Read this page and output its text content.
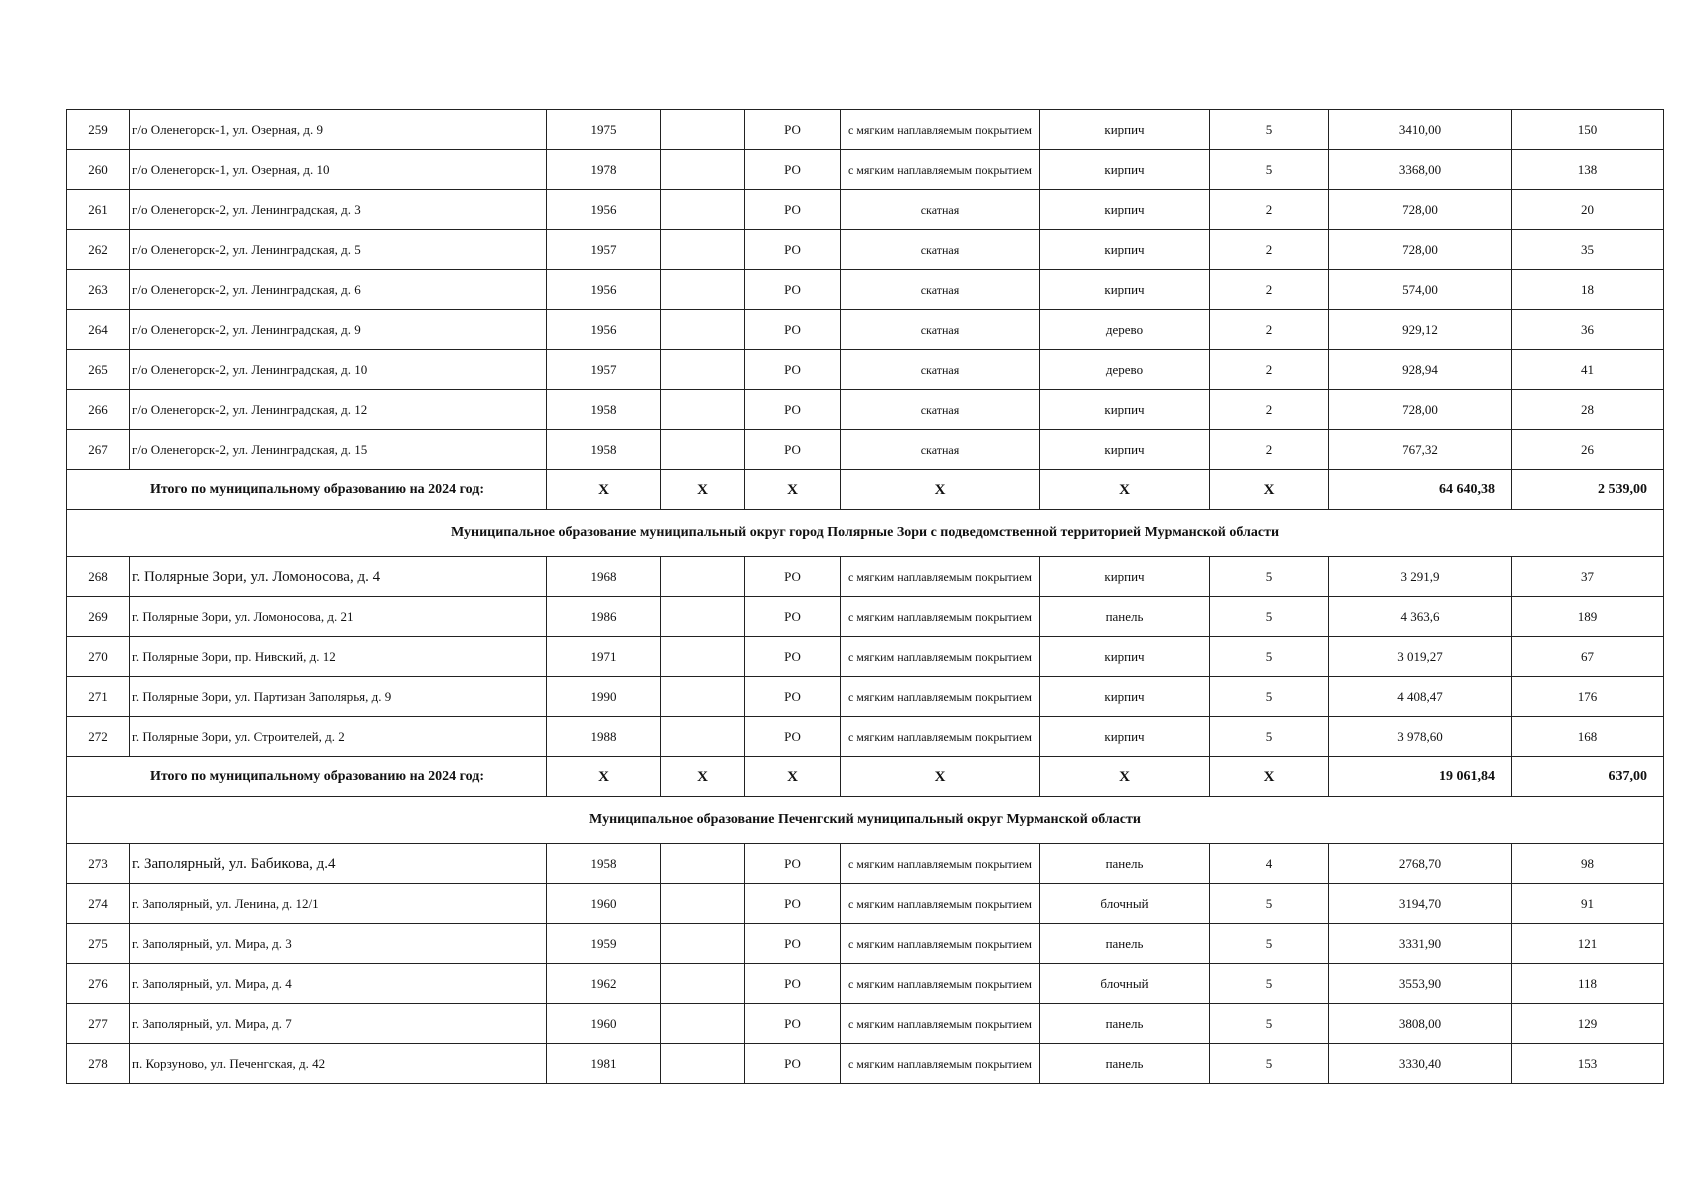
259	г/о Оленегорск-1, ул. Озерная, д. 9	1975		РО	с мягким наплавляемым покрытием	кирпич	5	3410,00	150
260	г/о Оленегорск-1, ул. Озерная, д. 10	1978		РО	с мягким наплавляемым покрытием	кирпич	5	3368,00	138
261	г/о Оленегорск-2, ул. Ленинградская, д. 3	1956		РО	скатная	кирпич	2	728,00	20
262	г/о Оленегорск-2, ул. Ленинградская, д. 5	1957		РО	скатная	кирпич	2	728,00	35
263	г/о Оленегорск-2, ул. Ленинградская, д. 6	1956		РО	скатная	кирпич	2	574,00	18
264	г/о Оленегорск-2, ул. Ленинградская, д. 9	1956		РО	скатная	дерево	2	929,12	36
265	г/о Оленегорск-2, ул. Ленинградская, д. 10	1957		РО	скатная	дерево	2	928,94	41
266	г/о Оленегорск-2, ул. Ленинградская, д. 12	1958		РО	скатная	кирпич	2	728,00	28
267	г/о Оленегорск-2, ул. Ленинградская, д. 15	1958		РО	скатная	кирпич	2	767,32	26
Итого по муниципальному образованию на 2024 год:		X	X	X	X	X	X	64 640,38	2 539,00
Муниципальное образование муниципальный округ город Полярные Зори с подведомственной территорией Мурманской области									
268	г. Полярные Зори, ул. Ломоносова, д. 4	1968		РО	с мягким наплавляемым покрытием	кирпич	5	3 291,9	37
269	г. Полярные Зори, ул. Ломоносова, д. 21	1986		РО	с мягким наплавляемым покрытием	панель	5	4 363,6	189
270	г. Полярные Зори, пр. Нивский, д. 12	1971		РО	с мягким наплавляемым покрытием	кирпич	5	3 019,27	67
271	г. Полярные Зори, ул. Партизан Заполярья, д. 9	1990		РО	с мягким наплавляемым покрытием	кирпич	5	4 408,47	176
272	г. Полярные Зори, ул. Строителей, д. 2	1988		РО	с мягким наплавляемым покрытием	кирпич	5	3 978,60	168
Итого по муниципальному образованию на 2024 год:		X	X	X	X	X	X	19 061,84	637,00
Муниципальное образование Печенгский муниципальный округ Мурманской области									
273	г. Заполярный, ул. Бабикова, д.4	1958		РО	с мягким наплавляемым покрытием	панель	4	2768,70	98
274	г. Заполярный, ул. Ленина, д. 12/1	1960		РО	с мягким наплавляемым покрытием	блочный	5	3194,70	91
275	г. Заполярный, ул. Мира, д. 3	1959		РО	с мягким наплавляемым покрытием	панель	5	3331,90	121
276	г. Заполярный, ул. Мира, д. 4	1962		РО	с мягким наплавляемым покрытием	блочный	5	3553,90	118
277	г. Заполярный, ул. Мира, д. 7	1960		РО	с мягким наплавляемым покрытием	панель	5	3808,00	129
278	п. Корзуново, ул. Печенгская, д. 42	1981		РО	с мягким наплавляемым покрытием	панель	5	3330,40	153
